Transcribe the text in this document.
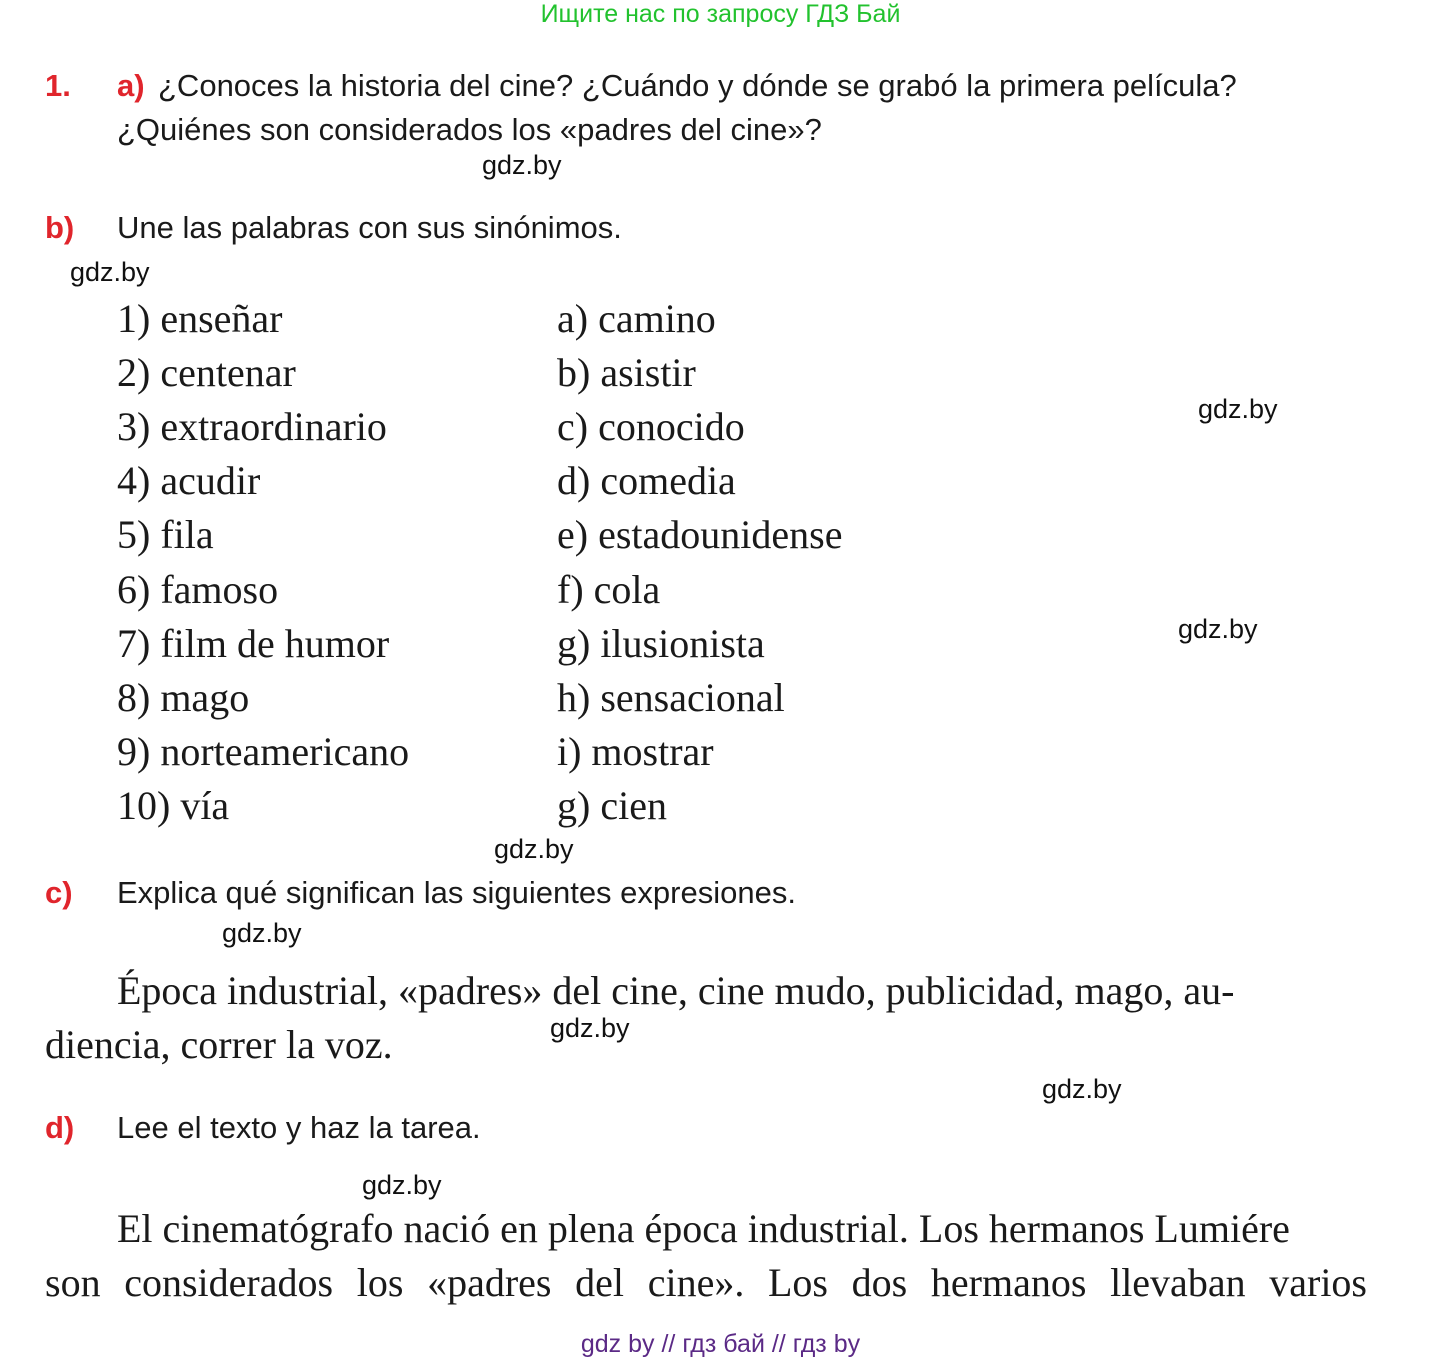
Ищите нас по запросу ГДЗ Бай
1. a) ¿Conoces la historia del cine? ¿Cuándo y dónde se grabó la primera película?
¿Quiénes son considerados los «padres del cine»?
gdz.by
b) Une las palabras con sus sinónimos.
gdz.by
1) enseñar
2) centenar
3) extraordinario
4) acudir
5) fila
6) famoso
7) film de humor
8) mago
9) norteamericano
10) vía
a) camino
b) asistir
c) conocido
d) comedia
e) estadounidense
f) cola
g) ilusionista
h) sensacional
i) mostrar
g) cien
gdz.by
gdz.by
gdz.by
c) Explica qué significan las siguientes expresiones.
gdz.by
Época industrial, «padres» del cine, cine mudo, publicidad, mago, au-
diencia, correr la voz.	gdz.by
gdz.by
d) Lee el texto y haz la tarea.
gdz.by
El cinematógrafo nació en plena época industrial. Los hermanos Lumiére
son considerados los «padres del cine». Los dos hermanos llevaban varios
gdz by // гдз бай // гдз by
